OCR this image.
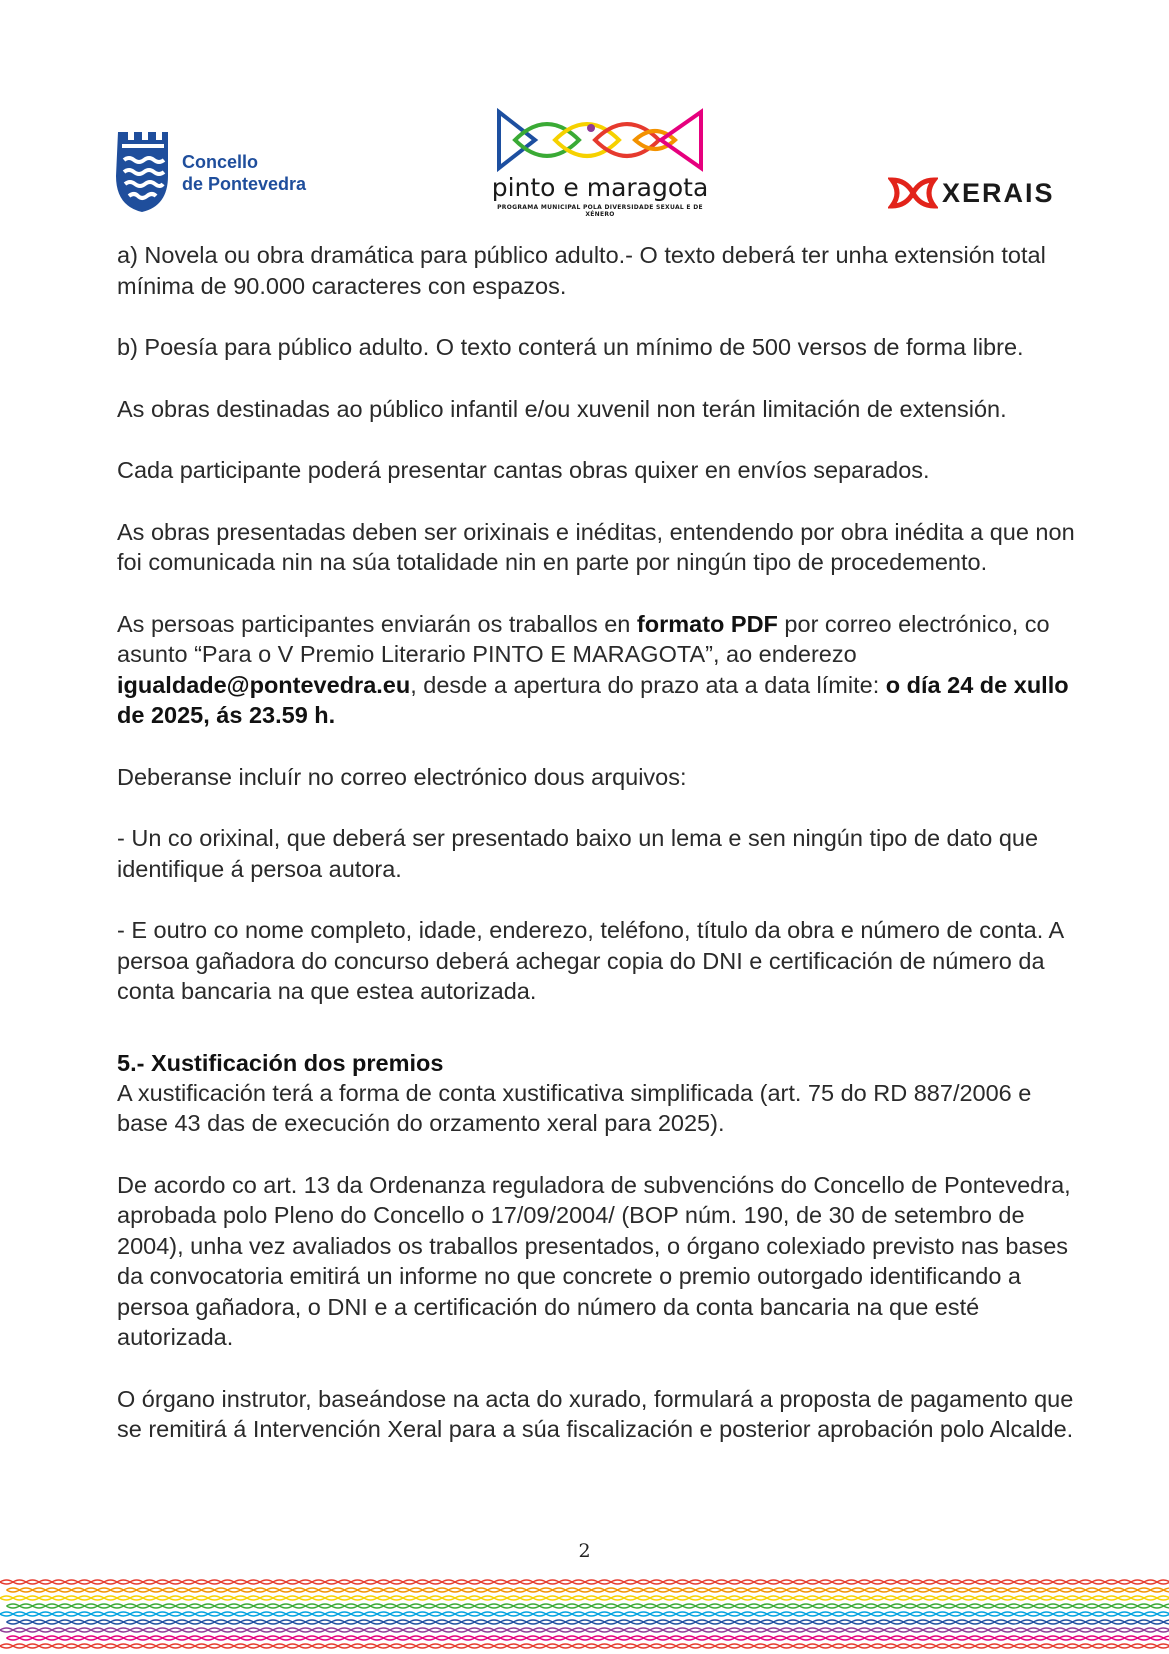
Concello
de Pontevedra	pinto e maragota
PROGRAMA MUNICIPAL POLA DIVERSIDADE SEXUAL E DE XÉNERO
XERAIS

a) Novela ou obra dramática para público adulto.- O texto deberá ter unha extensión total mínima de 90.000 caracteres con espazos.

b) Poesía para público adulto. O texto conterá un mínimo de 500 versos de forma libre.

As obras destinadas ao público infantil e/ou xuvenil non terán limitación de extensión.

Cada participante poderá presentar cantas obras quixer en envíos separados.

As obras presentadas deben ser orixinais e inéditas, entendendo por obra inédita a que non foi comunicada nin na súa totalidade nin en parte por ningún tipo de procedemento.

As persoas participantes enviarán os traballos en formato PDF por correo electrónico, co asunto “Para o V Premio Literario PINTO E MARAGOTA”, ao enderezo igualdade@pontevedra.eu, desde a apertura do prazo ata a data límite: o día 24 de xullo de 2025, ás 23.59 h.

Deberanse incluír no correo electrónico dous arquivos:

- Un co orixinal, que deberá ser presentado baixo un lema e sen ningún tipo de dato que identifique á persoa autora.

- E outro co nome completo, idade, enderezo, teléfono, título da obra e número de conta. A persoa gañadora do concurso deberá achegar copia do DNI e certificación de número da conta bancaria na que estea autorizada.

5.- Xustificación dos premios

A xustificación terá a forma de conta xustificativa simplificada (art. 75 do RD 887/2006 e base 43 das de execución do orzamento xeral para 2025).

De acordo co art. 13 da Ordenanza reguladora de subvencións do Concello de Pontevedra, aprobada polo Pleno do Concello o 17/09/2004/ (BOP núm. 190, de 30 de setembro de 2004), unha vez avaliados os traballos presentados, o órgano colexiado previsto nas bases da convocatoria emitirá un informe no que concrete o premio outorgado identificando a persoa gañadora, o DNI e a certificación do número da conta bancaria na que esté autorizada.

O órgano instrutor, baseándose na acta do xurado, formulará a proposta de pagamento que se remitirá á Intervención Xeral para a súa fiscalización e posterior aprobación polo Alcalde.

2
